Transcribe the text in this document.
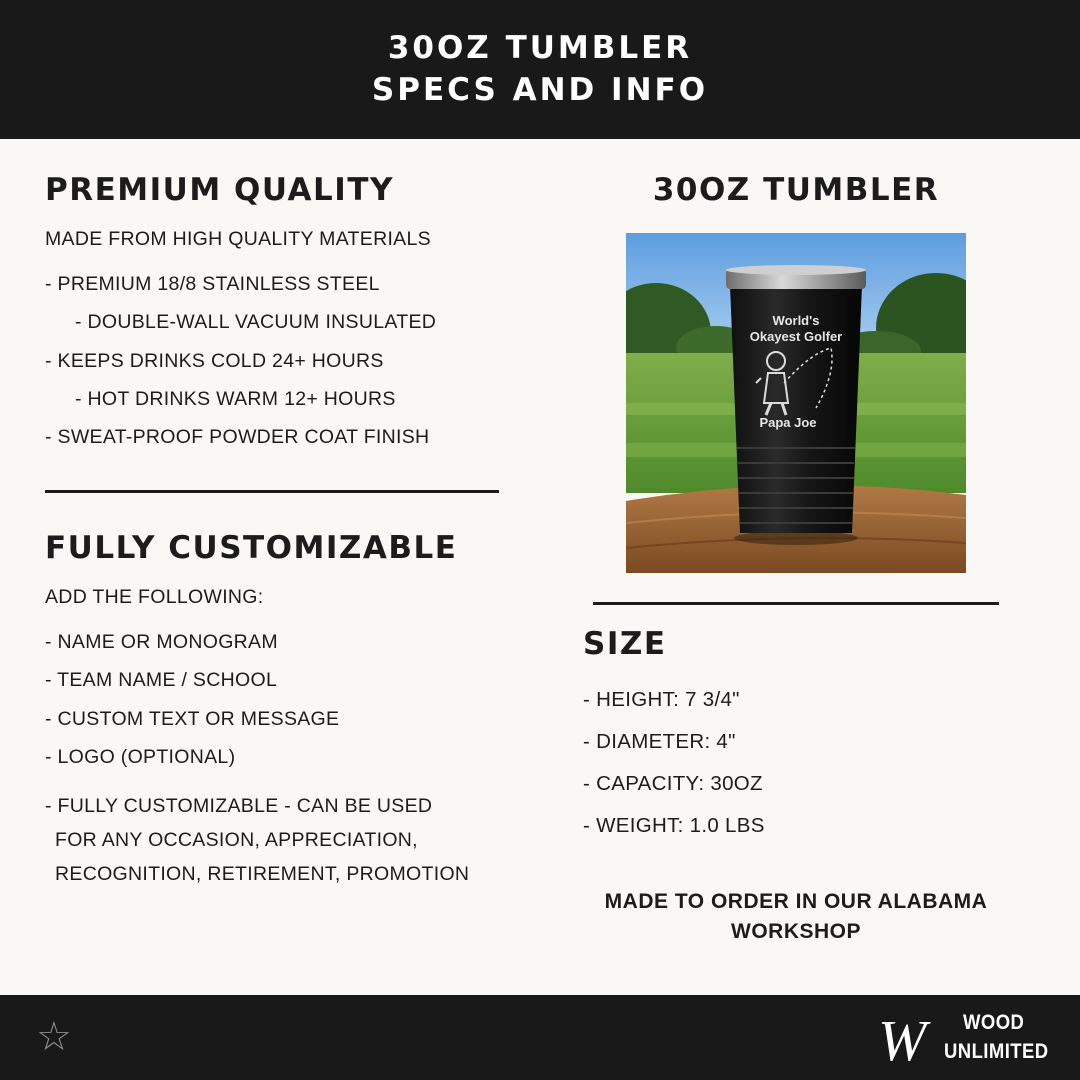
30OZ TUMBLER
SPECS AND INFO
PREMIUM QUALITY
MADE FROM HIGH QUALITY MATERIALS
- PREMIUM 18/8 STAINLESS STEEL
- DOUBLE-WALL VACUUM INSULATED
- KEEPS DRINKS COLD 24+ HOURS
- HOT DRINKS WARM 12+ HOURS
- SWEAT-PROOF POWDER COAT FINISH
FULLY CUSTOMIZABLE
ADD THE FOLLOWING:
- NAME OR MONOGRAM
- TEAM NAME / SCHOOL
- CUSTOM TEXT OR MESSAGE
- LOGO (OPTIONAL)
- FULLY CUSTOMIZABLE - CAN BE USED
FOR ANY OCCASION, APPRECIATION,
RECOGNITION, RETIREMENT, PROMOTION
30OZ TUMBLER
World's
Okayest Golfer
Papa Joe
SIZE
- HEIGHT: 7 3/4"
- DIAMETER: 4"
- CAPACITY: 30OZ
- WEIGHT: 1.0 LBS
MADE TO ORDER IN OUR ALABAMA
WORKSHOP
☆	W WOOD
UNLIMITED
